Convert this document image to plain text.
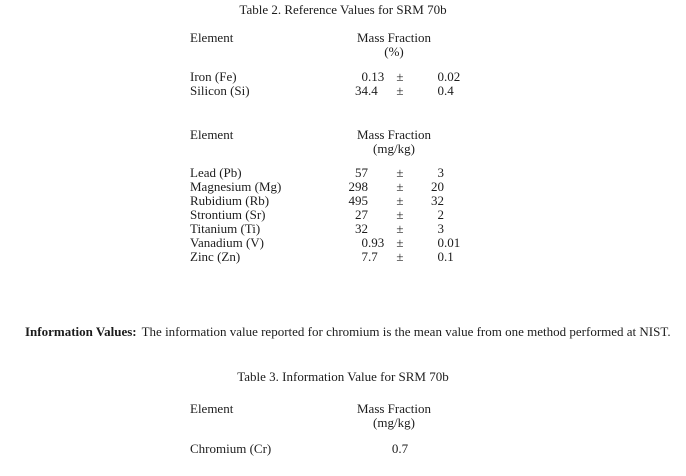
Table 2. Reference Values for SRM 70b
Element	Mass Fraction
(%)
Iron (Fe)	0 .13 ±	0 .02
Silicon (Si)	34 .4	±	0 .4
Element	Mass Fraction
(mg/kg)
Lead (Pb)	57	±	3
Magnesium (Mg)	298	±	20
Rubidium (Rb)	495	±	32
Strontium (Sr)	27	±	2
Titanium (Ti)	32	±	3
Vanadium (V)	0 .93 ±	0 .01
Zinc (Zn)	7 .7	±	0 .1
Information Values: The information value reported for chromium is the mean value from one method performed at NIST.
Table 3. Information Value for SRM 70b
Element	Mass Fraction
(mg/kg)
Chromium (Cr)	0.7
